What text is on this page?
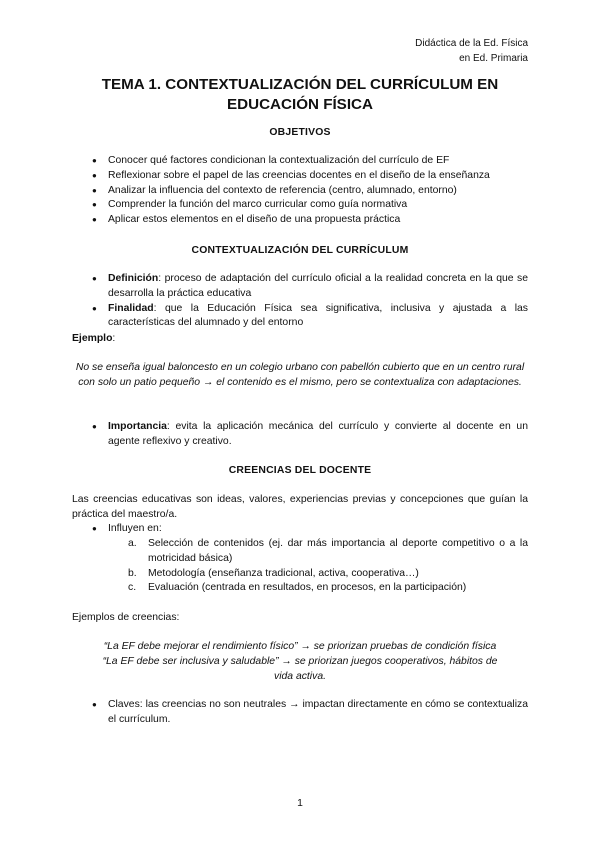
Didáctica de la Ed. Física
en Ed. Primaria
TEMA 1. CONTEXTUALIZACIÓN DEL CURRÍCULUM EN
EDUCACIÓN FÍSICA
OBJETIVOS
● Conocer qué factores condicionan la contextualización del currículo de EF
● Reflexionar sobre el papel de las creencias docentes en el diseño de la enseñanza
● Analizar la influencia del contexto de referencia (centro, alumnado, entorno)
● Comprender la función del marco curricular como guía normativa
● Aplicar estos elementos en el diseño de una propuesta práctica
CONTEXTUALIZACIÓN DEL CURRÍCULUM
● Definición: proceso de adaptación del currículo oficial a la realidad concreta en la que se desarrolla la práctica educativa
● Finalidad: que la Educación Física sea significativa, inclusiva y ajustada a las características del alumnado y del entorno
Ejemplo:
No se enseña igual baloncesto en un colegio urbano con pabellón cubierto que en un centro rural con solo un patio pequeño → el contenido es el mismo, pero se contextualiza con adaptaciones.
● Importancia: evita la aplicación mecánica del currículo y convierte al docente en un agente reflexivo y creativo.
CREENCIAS DEL DOCENTE
Las creencias educativas son ideas, valores, experiencias previas y concepciones que guían la práctica del maestro/a.
● Influyen en:
a. Selección de contenidos (ej. dar más importancia al deporte competitivo o a la motricidad básica)
b. Metodología (enseñanza tradicional, activa, cooperativa…)
c. Evaluación (centrada en resultados, en procesos, en la participación)
Ejemplos de creencias:
“La EF debe mejorar el rendimiento físico” → se priorizan pruebas de condición física
“La EF debe ser inclusiva y saludable” → se priorizan juegos cooperativos, hábitos de vida activa.
● Claves: las creencias no son neutrales → impactan directamente en cómo se contextualiza el currículum.
1
